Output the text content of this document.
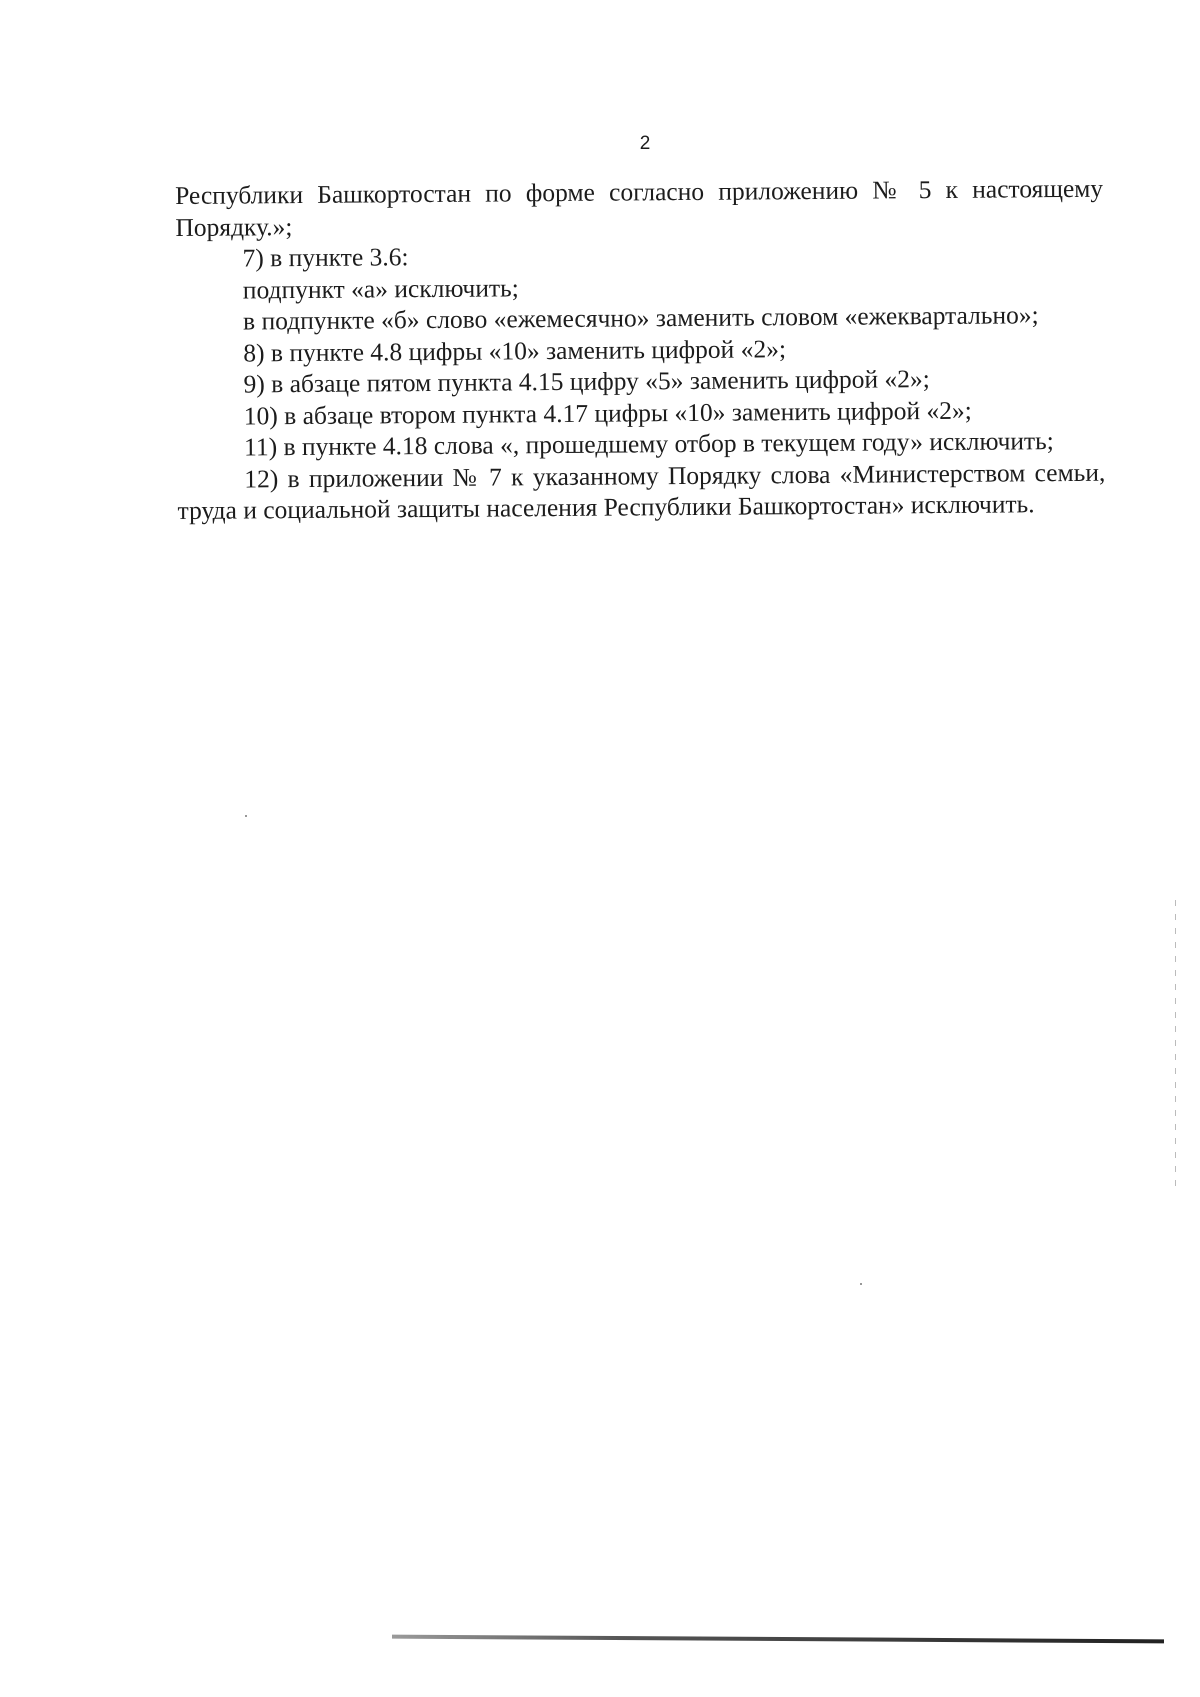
2

Республики Башкортостан по форме согласно приложению № 5 к настоящему Порядку.»;

7) в пункте 3.6:

подпункт «а» исключить;

в подпункте «б» слово «ежемесячно» заменить словом «ежеквартально»;

8) в пункте 4.8 цифры «10» заменить цифрой «2»;

9) в абзаце пятом пункта 4.15 цифру «5» заменить цифрой «2»;

10) в абзаце втором пункта 4.17 цифры «10» заменить цифрой «2»;

11) в пункте 4.18 слова «, прошедшему отбор в текущем году» исключить;

12) в приложении № 7 к указанному Порядку слова «Министерством семьи, труда и социальной защиты населения Республики Башкортостан» исключить.
